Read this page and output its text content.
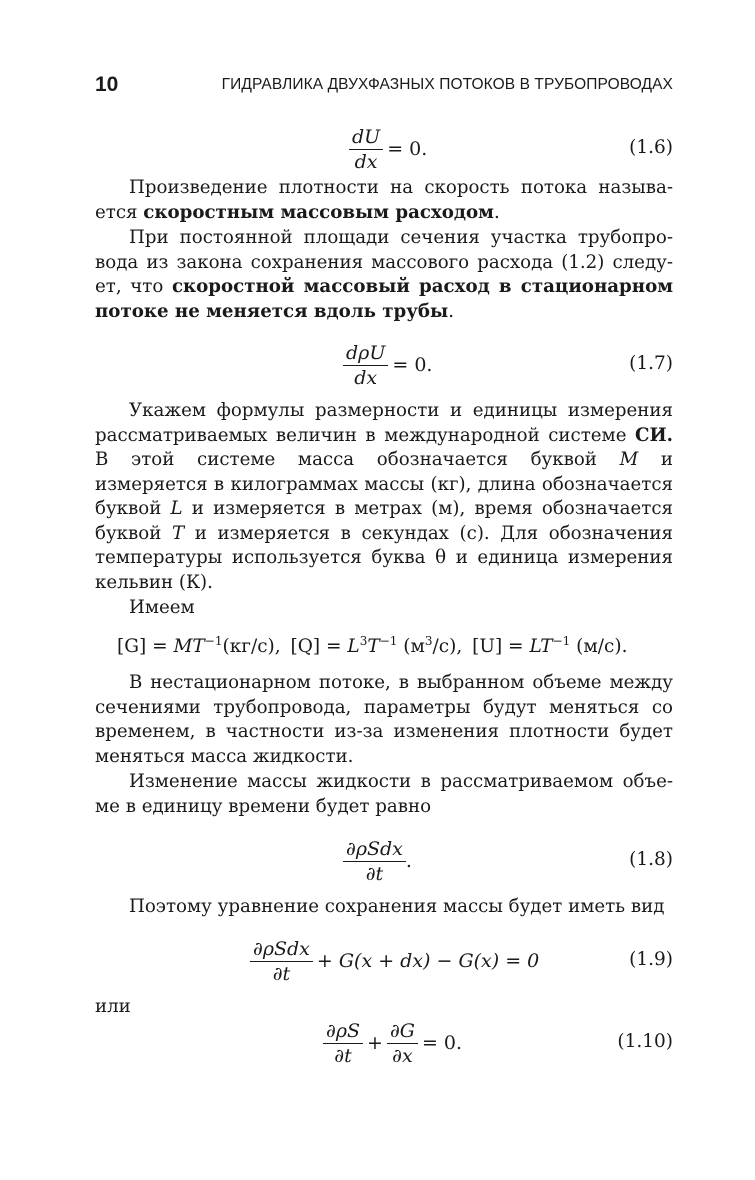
10	ГИДРАВЛИКА ДВУХФАЗНЫХ ПОТОКОВ В ТРУБОПРОВОДАХ
$\frac{dU}{dx} = 0$.	(1.6)

Произведение плотности на скорость потока называется скоростным массовым расходом.

При постоянной площади сечения участка трубопровода из закона сохранения массового расхода (1.2) следует, что скоростной массовый расход в стационарном потоке не меняется вдоль трубы.

$\frac{\text{dρU}}{dx} = 0$.	(1.7)

Укажем формулы размерности и единицы измерения рассматриваемых величин в международной системе СИ. В этой системе масса обозначается буквой M и измеряется в килограммах массы (кг), длина обозначается буквой L и измеряется в метрах (м), время обозначается буквой T и измеряется в секундах (с). Для обозначения температуры используется буква θ и единица измерения кельвин (К).

Имеем

$[G] = MT^{-1}(кг/с)$, $[Q] = L^3T^{-1}$ $(м^3/с)$, $[U] = LT^{-1}$ (м/с).

В нестационарном потоке, в выбранном объеме между сечениями трубопровода, параметры будут меняться со временем, в частности из-за изменения плотности будет меняться масса жидкости.

Изменение массы жидкости в рассматриваемом объеме в единицу времени будет равно

$\frac{\text{∂ρSdx}}{\partial t}$ .	(1.8)

Поэтому уравнение сохранения массы будет иметь вид

$\frac{\text{∂ρSdx}}{\partial t} + G(x + dx) - G(x) = 0$	(1.9)

или

$\frac{\partial\rho S}{\partial t} + \frac{\partial G}{\partial x} = 0$.	(1.10)
